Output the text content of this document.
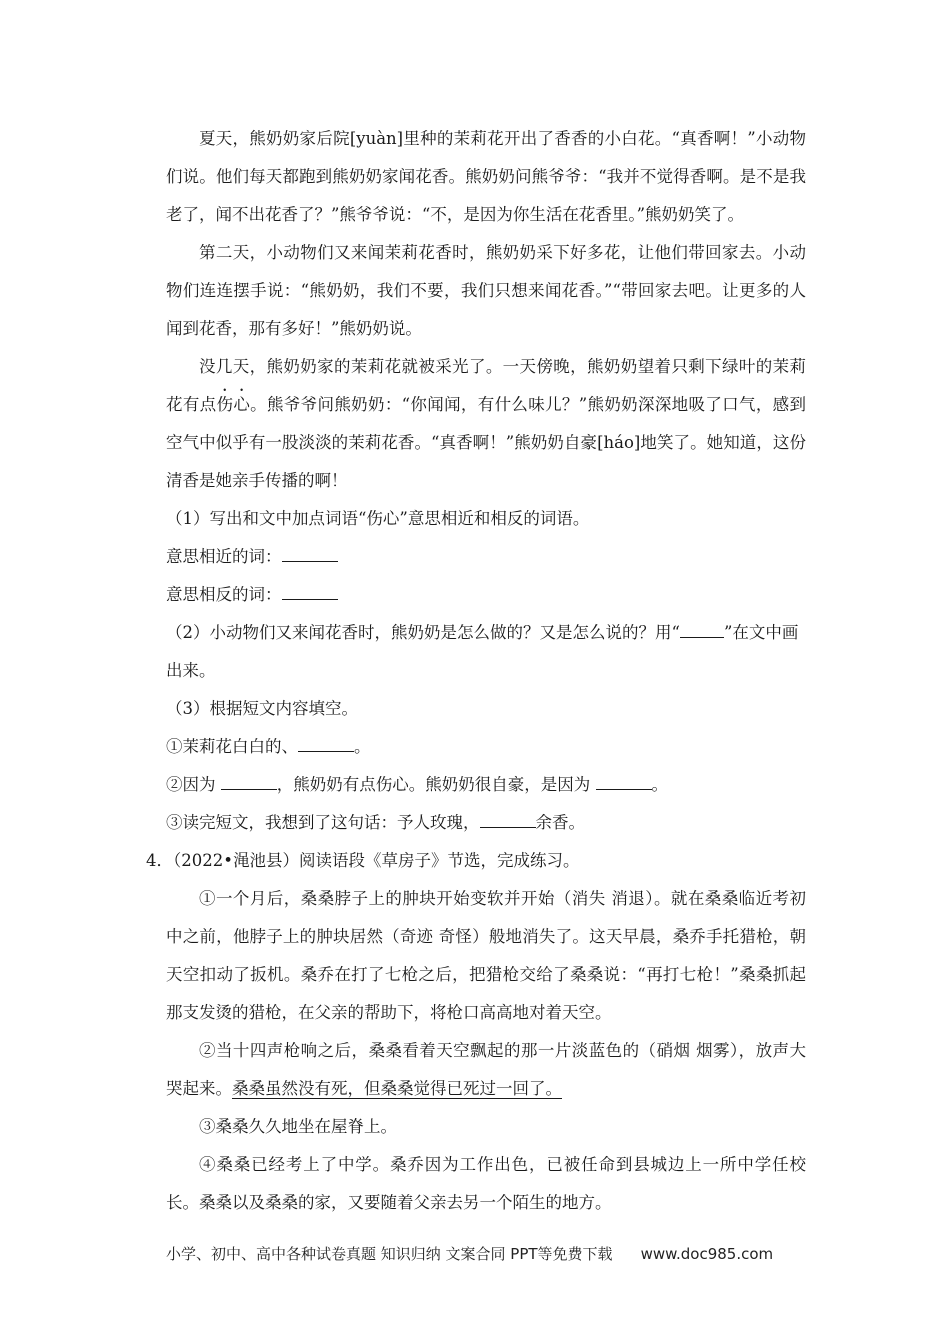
夏天，熊奶奶家后院[yuàn]里种的茉莉花开出了香香的小白花。“真香啊！”小动物们说。他们每天都跑到熊奶奶家闻花香。熊奶奶问熊爷爷：“我并不觉得香啊。是不是我老了，闻不出花香了？”熊爷爷说：“不，是因为你生活在花香里。”熊奶奶笑了。

第二天，小动物们又来闻茉莉花香时，熊奶奶采下好多花，让他们带回家去。小动物们连连摆手说：“熊奶奶，我们不要，我们只想来闻花香。”“带回家去吧。让更多的人闻到花香，那有多好！”熊奶奶说。

没几天，熊奶奶家的茉莉花就被采光了。一天傍晚，熊奶奶望着只剩下绿叶的茉莉花有点伤心。熊爷爷问熊奶奶：“你闻闻，有什么味儿？”熊奶奶深深地吸了口气，感到空气中似乎有一股淡淡的茉莉花香。“真香啊！”熊奶奶自豪[háo]地笑了。她知道，这份清香是她亲手传播的啊！

（1）写出和文中加点词语“伤心”意思相近和相反的词语。

意思相近的词：

意思相反的词：

（2）小动物们又来闻花香时，熊奶奶是怎么做的？又是怎么说的？用“	”在文中画出来。

（3）根据短文内容填空。

①茉莉花白白的、	。

②因为	，熊奶奶有点伤心。熊奶奶很自豪，是因为	。

③读完短文，我想到了这句话：予人玫瑰，	余香。

4．（2022•渑池县）阅读语段《草房子》节选，完成练习。

①一个月后，桑桑脖子上的肿块开始变软并开始（消失 消退）。就在桑桑临近考初中之前，他脖子上的肿块居然（奇迹 奇怪）般地消失了。这天早晨，桑乔手托猎枪，朝天空扣动了扳机。桑乔在打了七枪之后，把猎枪交给了桑桑说：“再打七枪！”桑桑抓起那支发烫的猎枪，在父亲的帮助下，将枪口高高地对着天空。

②当十四声枪响之后，桑桑看着天空飘起的那一片淡蓝色的（硝烟 烟雾），放声大哭起来。桑桑虽然没有死，但桑桑觉得已死过一回了。

③桑桑久久地坐在屋脊上。

④桑桑已经考上了中学。桑乔因为工作出色，已被任命到县城边上一所中学任校长。桑桑以及桑桑的家，又要随着父亲去另一个陌生的地方。

小学、初中、高中各种试卷真题 知识归纳 文案合同 PPT等免费下载 www.doc985.com
